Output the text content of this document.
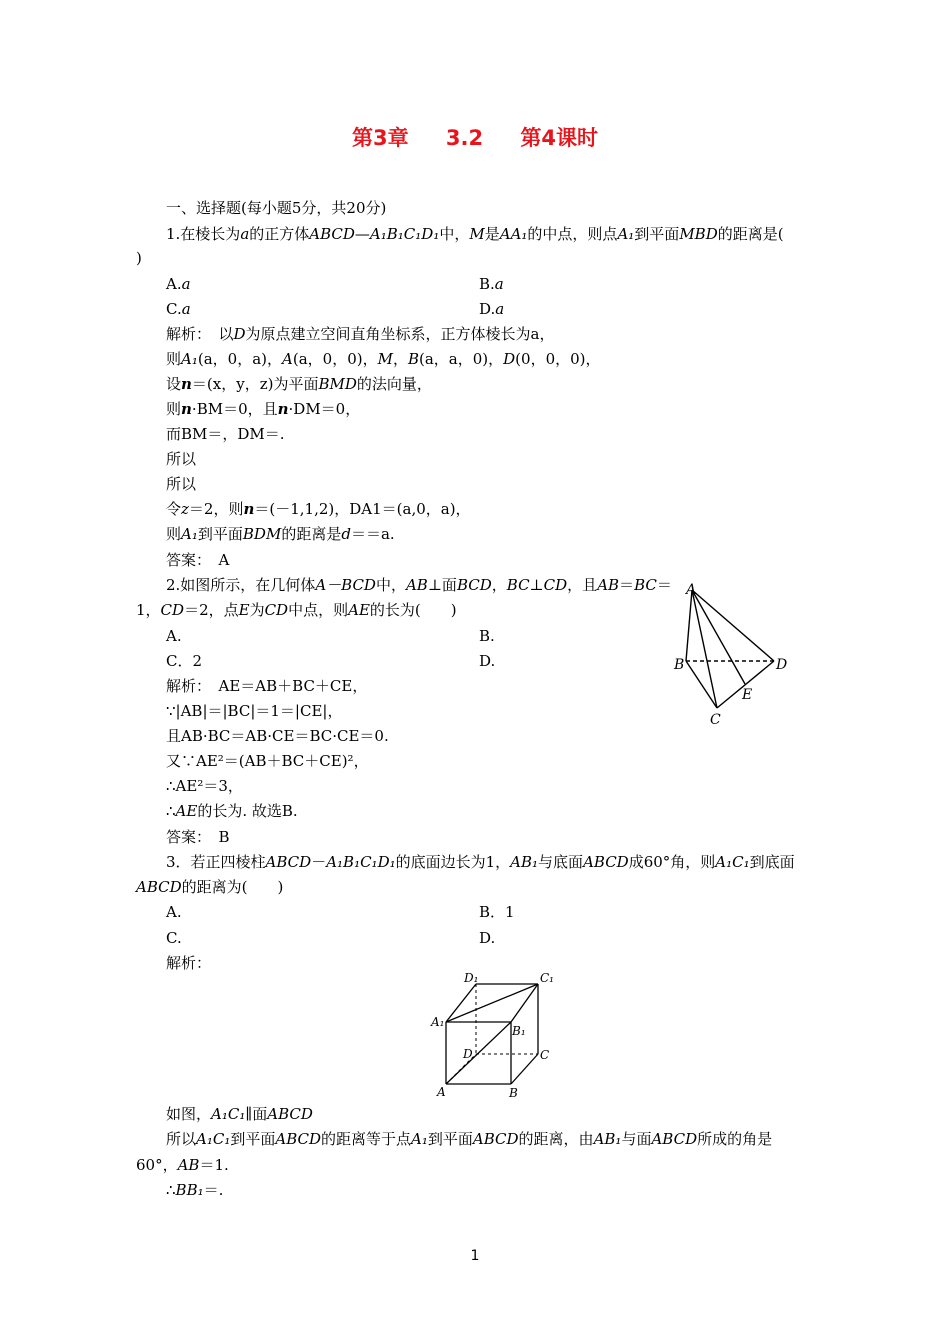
第3章 3.2 第4课时
一、选择题(每小题5分，共20分)
1.在棱长为a的正方体ABCD—A₁B₁C₁D₁中，M是AA₁的中点，则点A₁到平面MBD的距离是(
)
A.a	B.a
C.a	D.a
解析：　以D为原点建立空间直角坐标系，正方体棱长为a，
则A₁(a，0，a)，A(a，0，0)，M，B(a，a，0)，D(0，0，0)，
设n＝(x，y，z)为平面BMD的法向量，
则n·BM＝0，且n·DM＝0，
而BM＝，DM＝.
所以
所以
令z＝2，则n＝(－1,1,2)，DA1＝(a,0，a)，
则A₁到平面BDM的距离是d＝＝a.
答案：　A
2.如图所示，在几何体A－BCD中，AB⊥面BCD，BC⊥CD，且AB＝BC＝
1，CD＝2，点E为CD中点，则AE的长为(　　)
A.	B.
C．2	D.
解析：　AE＝AB＋BC＋CE，
∵|AB|＝|BC|＝1＝|CE|，
且AB·BC＝AB·CE＝BC·CE＝0.
又∵AE²＝(AB＋BC＋CE)²，
∴AE²＝3，
∴AE的长为. 故选B.
答案：　B
A
B
C
D
E
3．若正四棱柱ABCD－A₁B₁C₁D₁的底面边长为1，AB₁与底面ABCD成60°角，则A₁C₁到底面
ABCD的距离为(　　)
A.	B．1
C.	D.
解析：
D₁	C₁
A₁
B₁
D	C
A	B
如图，A₁C₁∥面ABCD
所以A₁C₁到平面ABCD的距离等于点A₁到平面ABCD的距离，由AB₁与面ABCD所成的角是
60°，AB＝1.
∴BB₁＝.
1
